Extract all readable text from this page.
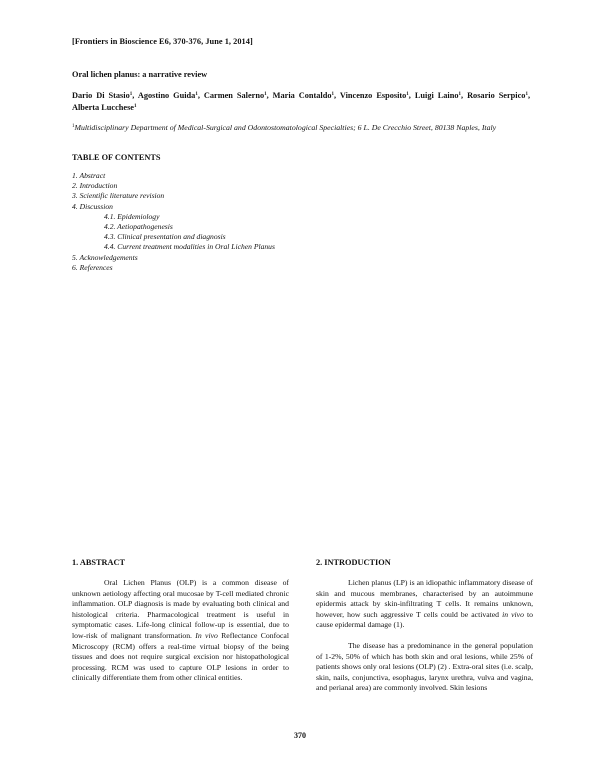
[Frontiers in Bioscience E6, 370-376, June 1, 2014]
Oral lichen planus: a narrative review
Dario Di Stasio$^1$, Agostino Guida$^1$, Carmen Salerno$^1$, Maria Contaldo$^1$, Vincenzo Esposito$^1$, Luigi Laino$^1$, Rosario Serpico$^1$, Alberta Lucchese$^1$
$^1$Multidisciplinary Department of Medical-Surgical and Odontostomatological Specialties; 6 L. De Crecchio Street, 80138 Naples, Italy
TABLE OF CONTENTS
1. Abstract
2. Introduction
3. Scientific literature revision
4. Discussion
4.1. Epidemiology
4.2. Aetiopathogenesis
4.3. Clinical presentation and diagnosis
4.4. Current treatment modalities in Oral Lichen Planus
5. Acknowledgements
6. References
1. ABSTRACT

Oral Lichen Planus (OLP) is a common disease of unknown aetiology affecting oral mucosae by T-cell mediated chronic inflammation. OLP diagnosis is made by evaluating both clinical and histological criteria. Pharmacological treatment is useful in symptomatic cases. Life-long clinical follow-up is essential, due to low-risk of malignant transformation. In vivo Reflectance Confocal Microscopy (RCM) offers a real-time virtual biopsy of the being tissues and does not require surgical excision nor histopathological processing. RCM was used to capture OLP lesions in order to clinically differentiate them from other clinical entities.

2. INTRODUCTION

Lichen planus (LP) is an idiopathic inflammatory disease of skin and mucous membranes, characterised by an autoimmune epidermis attack by skin-infiltrating T cells. It remains unknown, however, how such aggressive T cells could be activated in vivo to cause epidermal damage (1).

The disease has a predominance in the general population of 1-2%, 50% of which has both skin and oral lesions, while 25% of patients shows only oral lesions (OLP) (2) . Extra-oral sites (i.e. scalp, skin, nails, conjunctiva, esophagus, larynx urethra, vulva and vagina, and perianal area) are commonly involved. Skin lesions

370
